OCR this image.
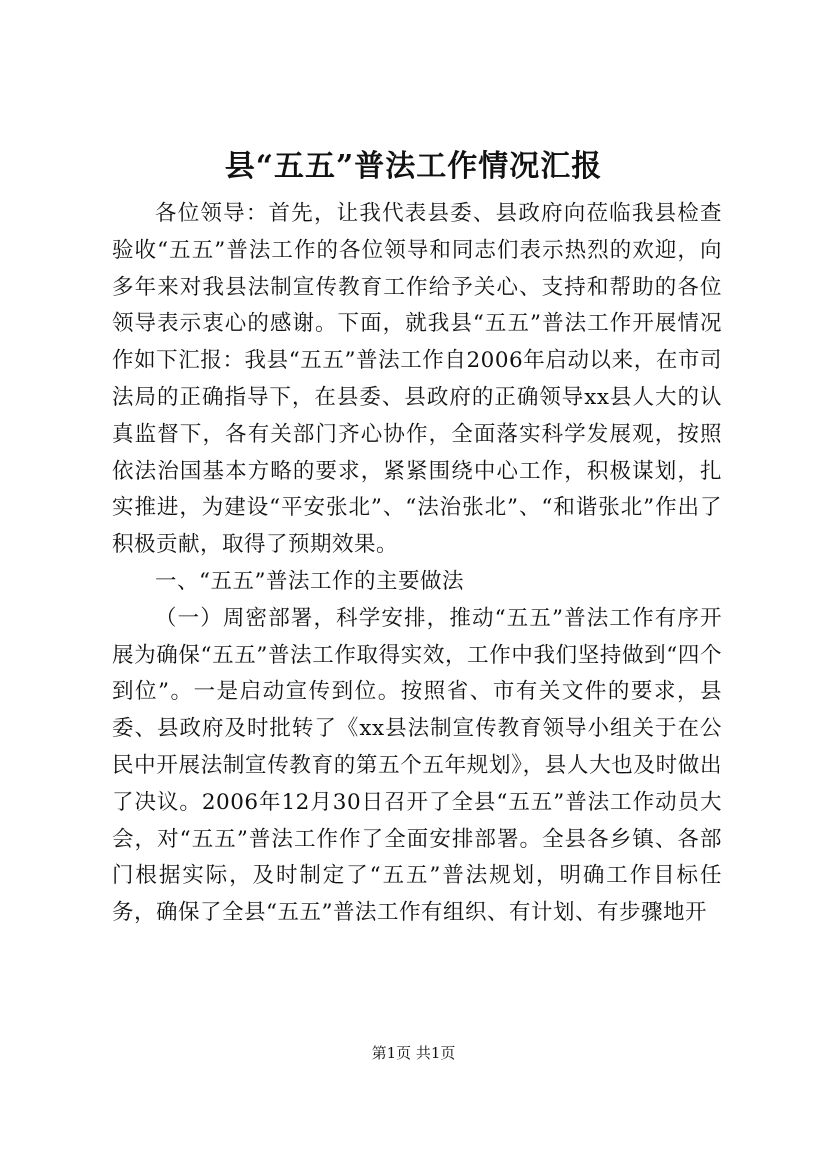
县“五五”普法工作情况汇报

各位领导：首先，让我代表县委、县政府向莅临我县检查验收“五五”普法工作的各位领导和同志们表示热烈的欢迎，向多年来对我县法制宣传教育工作给予关心、支持和帮助的各位领导表示衷心的感谢。下面，就我县“五五”普法工作开展情况作如下汇报：我县“五五”普法工作自2006年启动以来，在市司法局的正确指导下，在县委、县政府的正确领导xx县人大的认真监督下，各有关部门齐心协作，全面落实科学发展观，按照依法治国基本方略的要求，紧紧围绕中心工作，积极谋划，扎实推进，为建设“平安张北”、“法治张北”、“和谐张北”作出了积极贡献，取得了预期效果。

一、“五五”普法工作的主要做法

（一）周密部署，科学安排，推动“五五”普法工作有序开展为确保“五五”普法工作取得实效，工作中我们坚持做到“四个到位”。一是启动宣传到位。按照省、市有关文件的要求，县委、县政府及时批转了《xx县法制宣传教育领导小组关于在公民中开展法制宣传教育的第五个五年规划》，县人大也及时做出了决议。2006年12月30日召开了全县“五五”普法工作动员大会，对“五五”普法工作作了全面安排部署。全县各乡镇、各部门根据实际，及时制定了“五五”普法规划，明确工作目标任务，确保了全县“五五”普法工作有组织、有计划、有步骤地开

第1页 共1页
